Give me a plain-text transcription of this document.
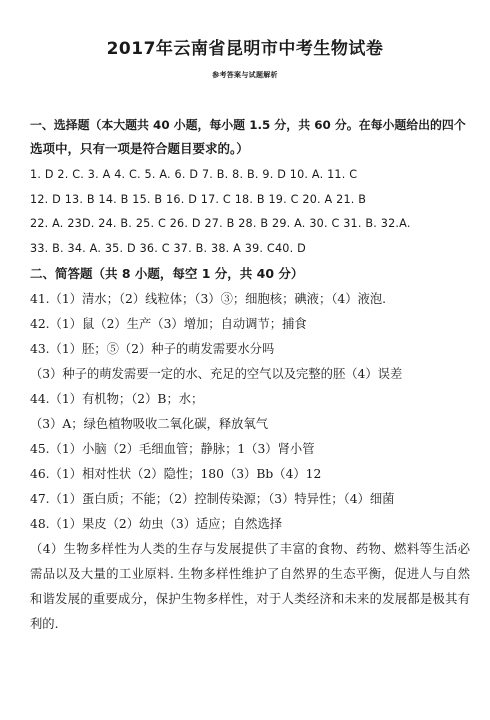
2017年云南省昆明市中考生物试卷
参考答案与试题解析
一、选择题（本大题共 40 小题，每小题 1.5 分，共 60 分。在每小题给出的四个
选项中，只有一项是符合题目要求的。）
1. D 2. C. 3. A 4. C. 5. A. 6. D 7. B. 8. B. 9. D 10. A. 11. C
12. D 13. B 14. B 15. B 16. D 17. C 18. B 19. C 20. A 21. B
22. A. 23D. 24. B. 25. C 26. D 27. B 28. B 29. A. 30. C 31. B. 32.A.
33. B. 34. A. 35. D 36. C 37. B. 38. A 39. C40. D
二、简答题（共 8 小题，每空 1 分，共 40 分）
41.（1）清水；（2）线粒体；（3）③；细胞核；碘液；（4）液泡.
42.（1）鼠（2）生产（3）增加；自动调节；捕食
43.（1）胚；⑤（2）种子的萌发需要水分吗
（3）种子的萌发需要一定的水、充足的空气以及完整的胚（4）误差
44.（1）有机物；（2）B；水；
（3）A；绿色植物吸收二氧化碳，释放氧气
45.（1）小脑（2）毛细血管；静脉；1（3）肾小管
46.（1）相对性状（2）隐性；180（3）Bb（4）12
47.（1）蛋白质；不能；（2）控制传染源；（3）特异性；（4）细菌
48.（1）果皮（2）幼虫（3）适应；自然选择
（4）生物多样性为人类的生存与发展提供了丰富的食物、药物、燃料等生活必
需品以及大量的工业原料. 生物多样性维护了自然界的生态平衡，促进人与自然
和谐发展的重要成分，保护生物多样性，对于人类经济和未来的发展都是极其有
利的.
